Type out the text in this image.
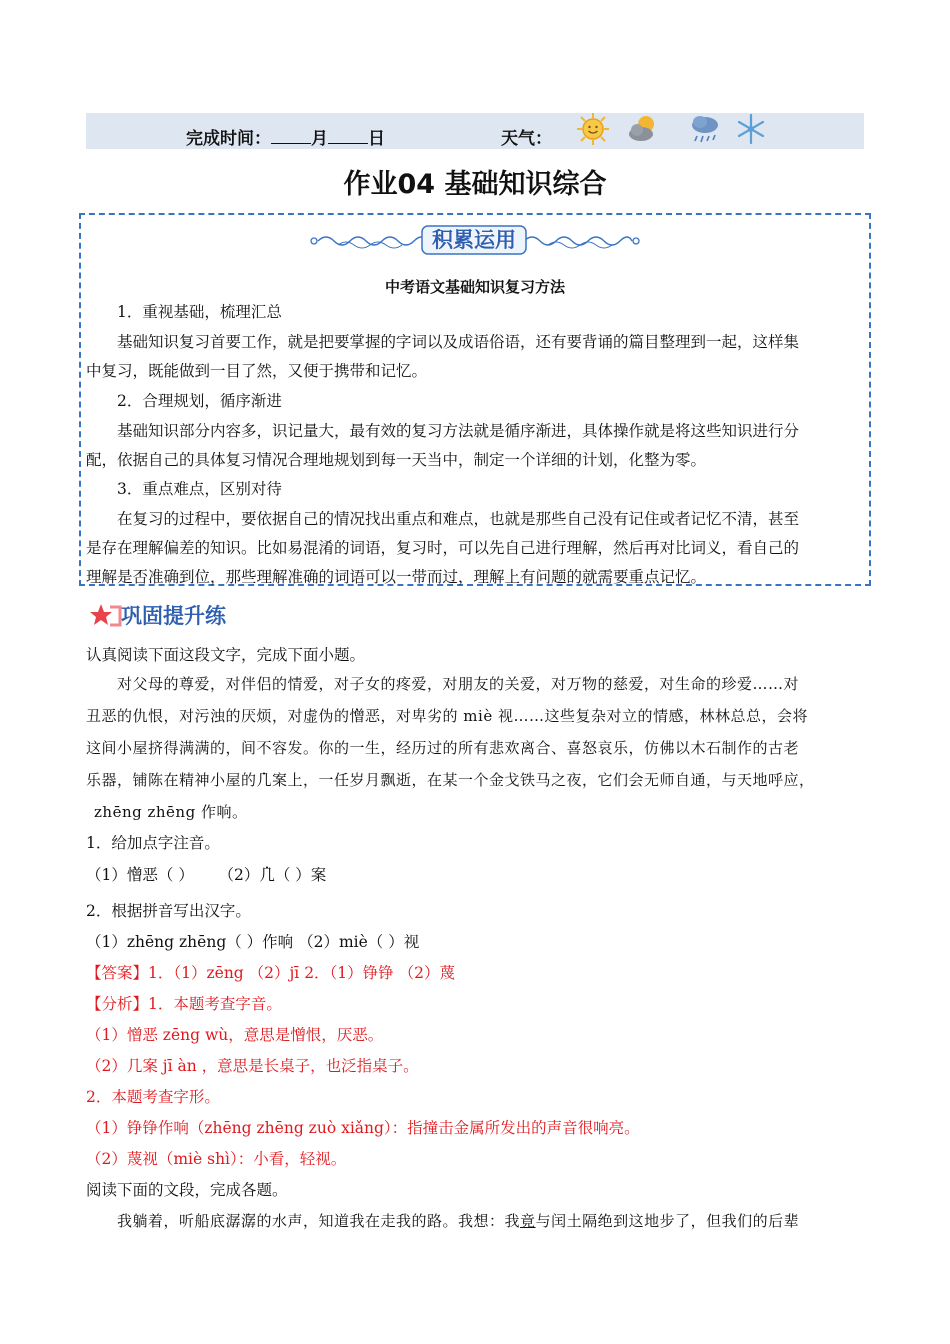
完成时间： 月 日	天气：
作业04 基础知识综合
积累运用
中考语文基础知识复习方法
1．重视基础，梳理汇总
基础知识复习首要工作，就是把要掌握的字词以及成语俗语，还有要背诵的篇目整理到一起，这样集
中复习，既能做到一目了然，又便于携带和记忆。
2．合理规划，循序渐进
基础知识部分内容多，识记量大，最有效的复习方法就是循序渐进，具体操作就是将这些知识进行分
配，依据自己的具体复习情况合理地规划到每一天当中，制定一个详细的计划，化整为零。
3．重点难点，区别对待
在复习的过程中，要依据自己的情况找出重点和难点，也就是那些自己没有记住或者记忆不清，甚至
是存在理解偏差的知识。比如易混淆的词语，复习时，可以先自己进行理解，然后再对比词义，看自己的
理解是否准确到位，那些理解准确的词语可以一带而过，理解上有问题的就需要重点记忆。
巩固提升练
认真阅读下面这段文字，完成下面小题。
对父母的尊爱，对伴侣的情爱，对子女的疼爱，对朋友的关爱，对万物的慈爱，对生命的珍爱……对
丑恶的仇恨，对污浊的厌烦，对虚伪的憎恶，对卑劣的 miè 视……这些复杂对立的情感，林林总总，会将
这间小屋挤得满满的，间不容发。你的一生，经历过的所有悲欢离合、喜怒哀乐，仿佛以木石制作的古老
乐器，铺陈在精神小屋的几案上，一任岁月飘逝，在某一个金戈铁马之夜，它们会无师自通，与天地呼应，
zhēng zhēng 作响。
1．给加点字注音。
（1）憎恶（ ） （2）几（ ）案
2．根据拼音写出汉字。
（1）zhēng zhēng（ ）作响 （2）miè（ ）视
【答案】1．（1）zēng （2）jī 2．（1）铮铮 （2）蔑
【分析】1．本题考查字音。
（1）憎恶 zēng wù，意思是憎恨，厌恶。
（2）几案 jī àn ，意思是长桌子，也泛指桌子。
2．本题考查字形。
（1）铮铮作响（zhēng zhēng zuò xiǎng）：指撞击金属所发出的声音很响亮。
（2）蔑视（miè shì）：小看，轻视。
阅读下面的文段，完成各题。
我躺着，听船底潺潺的水声，知道我在走我的路。我想：我竟与闰土隔绝到这地步了，但我们的后辈
